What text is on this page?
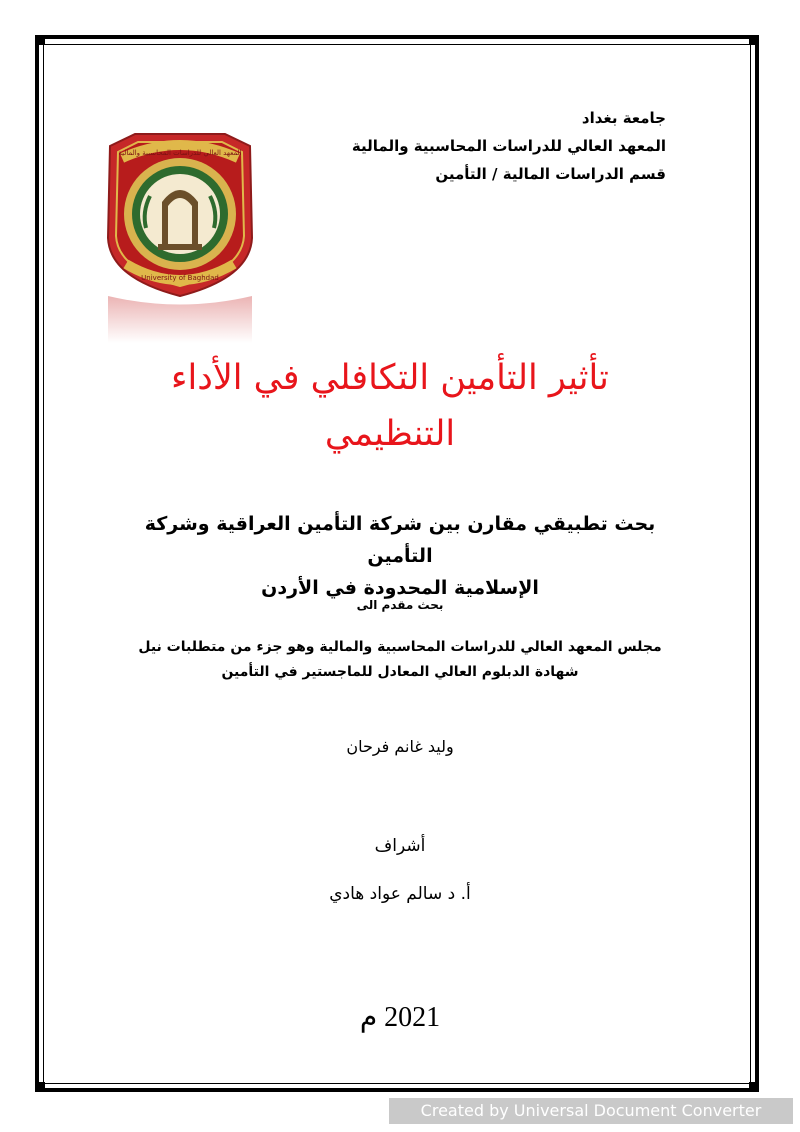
جامعة بغداد
المعهد العالي للدراسات المحاسبية والمالية
قسم الدراسات المالية / التأمين
المعهد العالي للدراسات المحاسبية والمالية
1995
University of Baghdad
تأثير التأمين التكافلي في الأداء
التنظيمي
بحث تطبيقي مقارن بين شركة التأمين العراقية وشركة التأمين
الإسلامية المحدودة في الأردن
بحث مقدم الى
مجلس المعهد العالي للدراسات المحاسبية والمالية وهو جزء من متطلبات نيل
شهادة الدبلوم العالي المعادل للماجستير في التأمين
وليد غانم فرحان
أشراف
أ. د سالم عواد هادي
2021 م
Created by Universal Document Converter
